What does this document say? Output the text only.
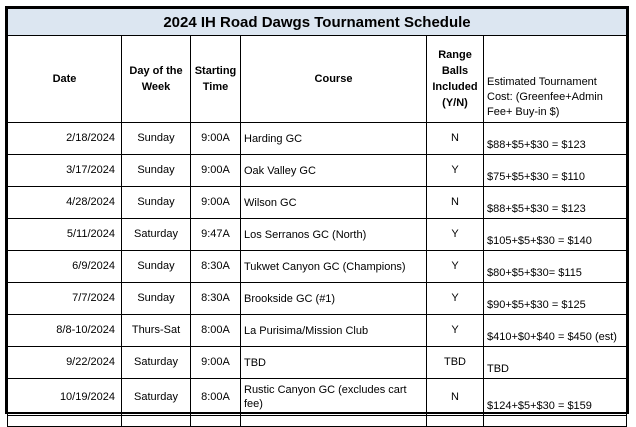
2024 IH Road Dawgs Tournament Schedule					
Date	Day of the Week	Starting Time	Course	Range Balls Included (Y/N)	Estimated Tournament Cost: (Greenfee+Admin Fee+ Buy-in $)
2/18/2024	Sunday	9:00A	Harding GC	N	$88+$5+$30 = $123
3/17/2024	Sunday	9:00A	Oak Valley GC	Y	$75+$5+$30 = $110
4/28/2024	Sunday	9:00A	Wilson GC	N	$88+$5+$30 = $123
5/11/2024	Saturday	9:47A	Los Serranos GC (North)	Y	$105+$5+$30 = $140
6/9/2024	Sunday	8:30A	Tukwet Canyon GC (Champions)	Y	$80+$5+$30= $115
7/7/2024	Sunday	8:30A	Brookside GC (#1)	Y	$90+$5+$30 = $125
8/8-10/2024	Thurs-Sat	8:00A	La Purisima/Mission Club	Y	$410+$0+$40 = $450 (est)
9/22/2024	Saturday	9:00A	TBD	TBD	TBD
10/19/2024	Saturday	8:00A	Rustic Canyon GC (excludes cart fee)	N	$124+$5+$30 = $159
